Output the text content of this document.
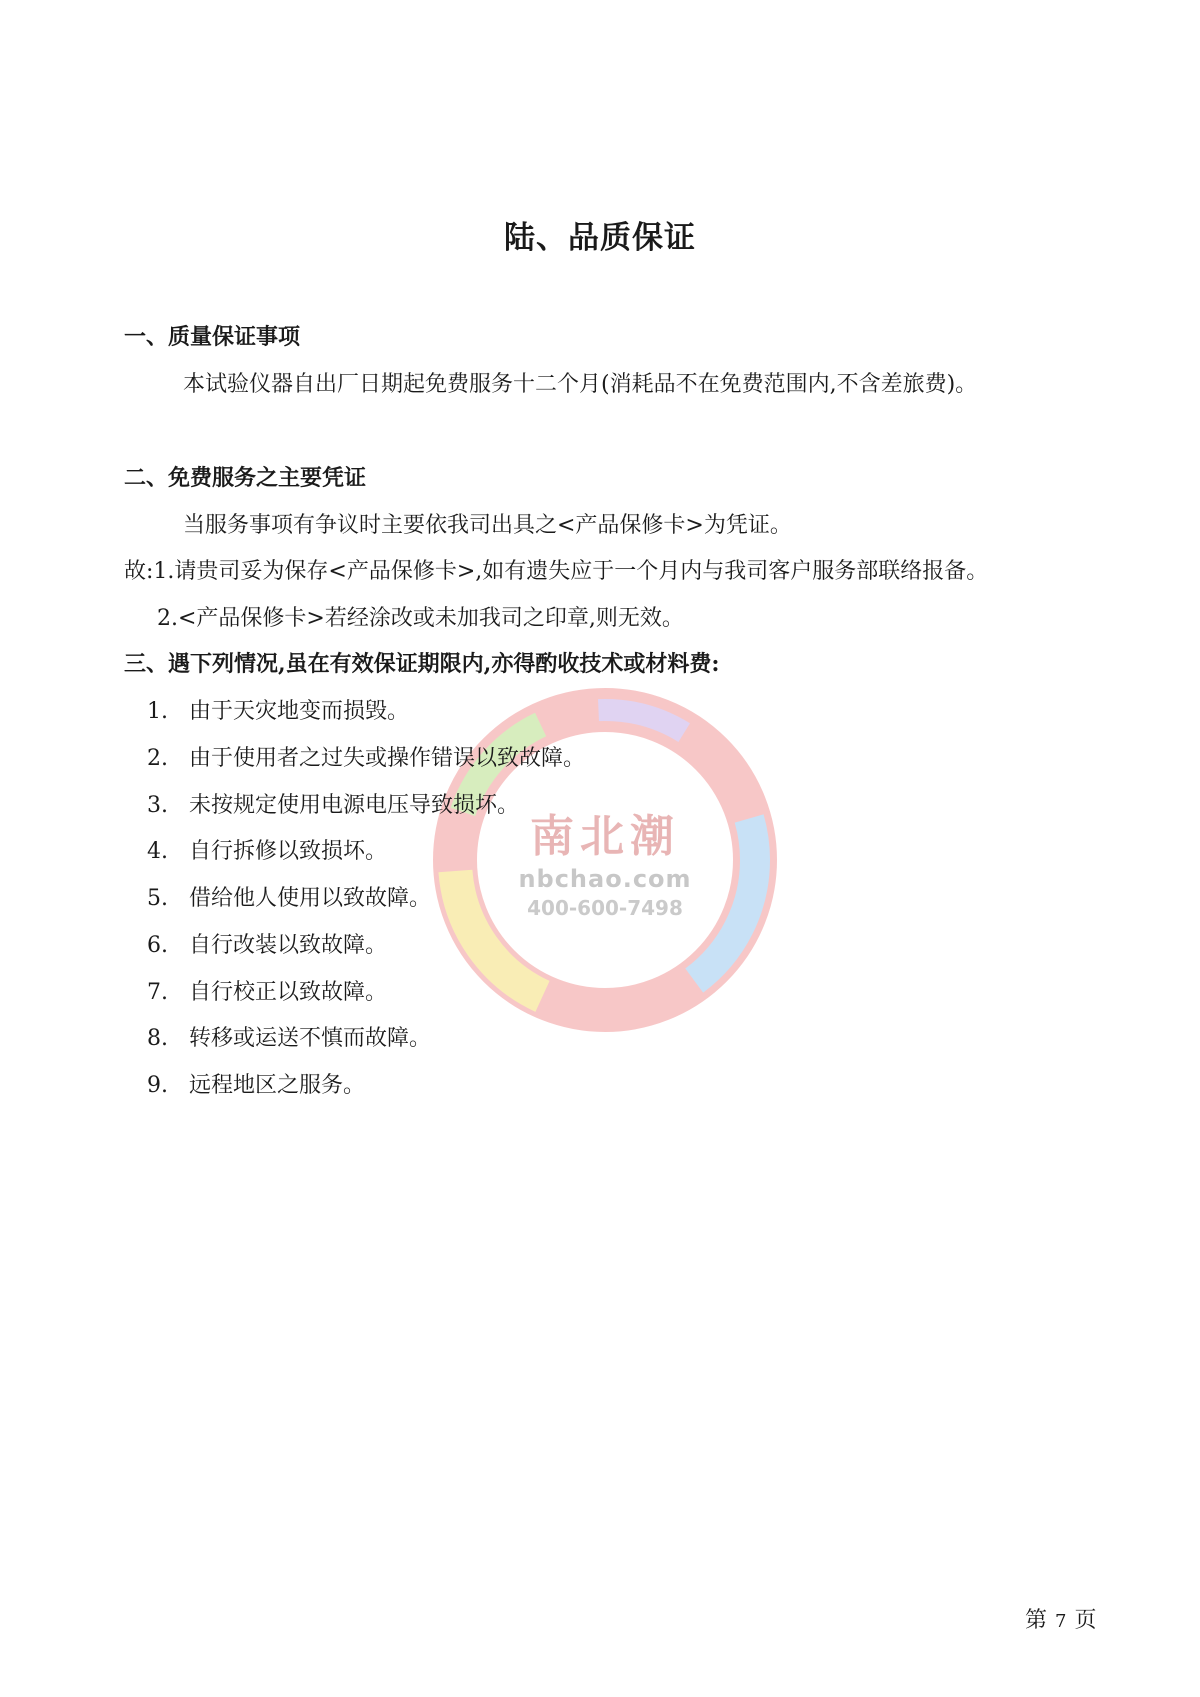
南北潮
nbchao.com
400-600-7498
陆、品质保证
一、质量保证事项
本试验仪器自出厂日期起免费服务十二个月(消耗品不在免费范围内,不含差旅费)。
二、免费服务之主要凭证
当服务事项有争议时主要依我司出具之<产品保修卡>为凭证。
故:1.请贵司妥为保存<产品保修卡>,如有遗失应于一个月内与我司客户服务部联络报备。
2.<产品保修卡>若经涂改或未加我司之印章,则无效。
三、遇下列情况,虽在有效保证期限内,亦得酌收技术或材料费:
1. 由于天灾地变而损毁。
2. 由于使用者之过失或操作错误以致故障。
3. 未按规定使用电源电压导致损坏。
4. 自行拆修以致损坏。
5. 借给他人使用以致故障。
6. 自行改装以致故障。
7. 自行校正以致故障。
8. 转移或运送不慎而故障。
9. 远程地区之服务。
第 7 页
